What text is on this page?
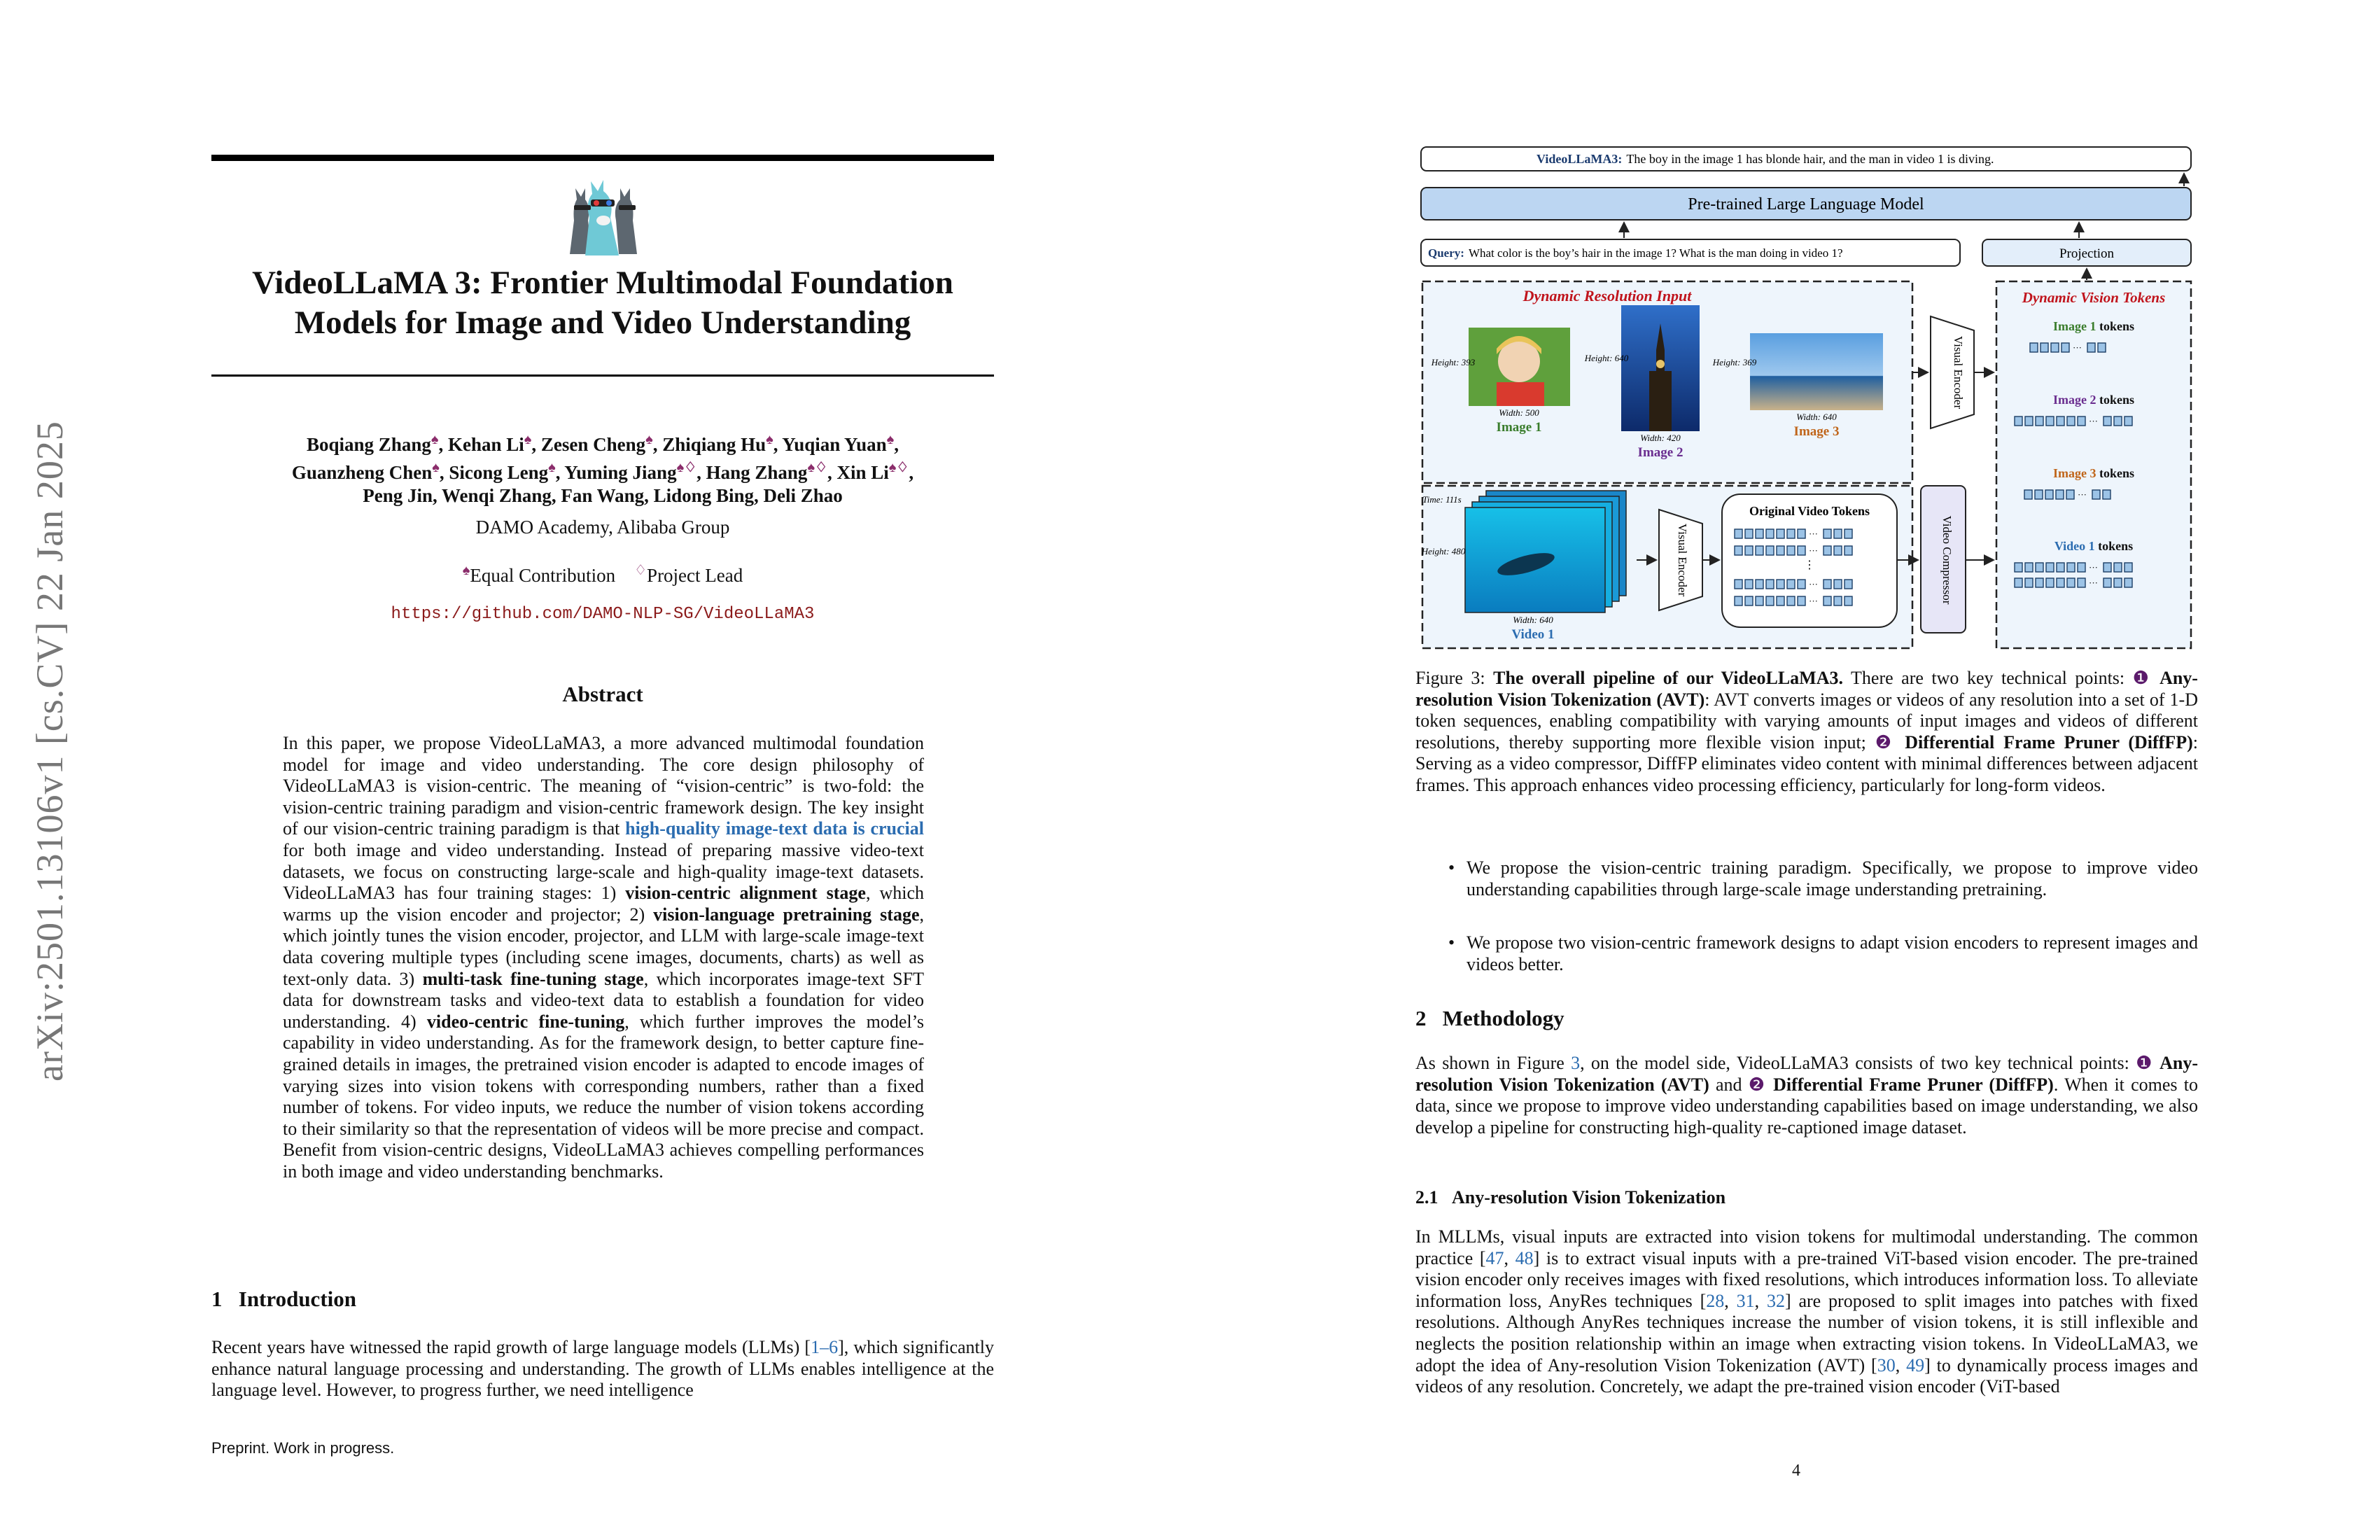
arXiv:2501.13106v1 [cs.CV] 22 Jan 2025
VideoLLaMA 3: Frontier Multimodal Foundation
Models for Image and Video Understanding
Boqiang Zhang♠, Kehan Li♠, Zesen Cheng♠, Zhiqiang Hu♠, Yuqian Yuan♠,
Guanzheng Chen♠, Sicong Leng♠, Yuming Jiang♠♢, Hang Zhang♠♢, Xin Li♠♢,
Peng Jin, Wenqi Zhang, Fan Wang, Lidong Bing, Deli Zhao
DAMO Academy, Alibaba Group
♠Equal Contribution ♢Project Lead
https://github.com/DAMO-NLP-SG/VideoLLaMA3
Abstract
In this paper, we propose VideoLLaMA3, a more advanced multimodal foundation model for image and video understanding. The core design philosophy of VideoLLaMA3 is vision-centric. The meaning of “vision-centric” is two-fold: the vision-centric training paradigm and vision-centric framework design. The key insight of our vision-centric training paradigm is that high-quality image-text data is crucial for both image and video understanding. Instead of preparing massive video-text datasets, we focus on constructing large-scale and high-quality image-text datasets. VideoLLaMA3 has four training stages: 1) vision-centric alignment stage, which warms up the vision encoder and projector; 2) vision-language pretraining stage, which jointly tunes the vision encoder, projector, and LLM with large-scale image-text data covering multiple types (including scene images, documents, charts) as well as text-only data. 3) multi-task fine-tuning stage, which incorporates image-text SFT data for downstream tasks and video-text data to establish a foundation for video understanding. 4) video-centric fine-tuning, which further improves the model’s capability in video understanding. As for the framework design, to better capture fine-grained details in images, the pretrained vision encoder is adapted to encode images of varying sizes into vision tokens with corresponding numbers, rather than a fixed number of tokens. For video inputs, we reduce the number of vision tokens according to their similarity so that the representation of videos will be more precise and compact. Benefit from vision-centric designs, VideoLLaMA3 achieves compelling performances in both image and video understanding benchmarks.
1 Introduction
Recent years have witnessed the rapid growth of large language models (LLMs) [1–6], which significantly enhance natural language processing and understanding. The growth of LLMs enables intelligence at the language level. However, to progress further, we need intelligence
Preprint. Work in progress.
VideoLLaMA3: The boy in the image 1 has blonde hair, and the man in video 1 is diving.
Pre-trained Large Language Model
Query: What color is the boy’s hair in the image 1? What is the man doing in video 1?	Projection
Dynamic Resolution Input
Height: 393
Width: 500
Image 1
Height: 640
Width: 420
Image 2
Height: 369
Width: 640
Image 3
Visual Encoder
Time: 111s
Height: 480
Width: 640
Video 1
Visual Encoder
Original Video Tokens
···
···
⋮
···
···	Video Compressor
Dynamic Vision Tokens
Image 1 tokens
···
Image 2 tokens
···
Image 3 tokens
···
Video 1 tokens
···
···
Figure 3: The overall pipeline of our VideoLLaMA3. There are two key technical points: ❶ Any-resolution Vision Tokenization (AVT): AVT converts images or videos of any resolution into a set of 1-D token sequences, enabling compatibility with varying amounts of input images and videos of different resolutions, thereby supporting more flexible vision input; ❷ Differential Frame Pruner (DiffFP): Serving as a video compressor, DiffFP eliminates video content with minimal differences between adjacent frames. This approach enhances video processing efficiency, particularly for long-form videos.
• We propose the vision-centric training paradigm. Specifically, we propose to improve video understanding capabilities through large-scale image understanding pretraining.
• We propose two vision-centric framework designs to adapt vision encoders to represent images and videos better.
2 Methodology
As shown in Figure 3, on the model side, VideoLLaMA3 consists of two key technical points: ❶ Any-resolution Vision Tokenization (AVT) and ❷ Differential Frame Pruner (DiffFP). When it comes to data, since we propose to improve video understanding capabilities based on image understanding, we also develop a pipeline for constructing high-quality re-captioned image dataset.
2.1 Any-resolution Vision Tokenization
In MLLMs, visual inputs are extracted into vision tokens for multimodal understanding. The common practice [47, 48] is to extract visual inputs with a pre-trained ViT-based vision encoder. The pre-trained vision encoder only receives images with fixed resolutions, which introduces information loss. To alleviate information loss, AnyRes techniques [28, 31, 32] are proposed to split images into patches with fixed resolutions. Although AnyRes techniques increase the number of vision tokens, it is still inflexible and neglects the position relationship within an image when extracting vision tokens. In VideoLLaMA3, we adopt the idea of Any-resolution Vision Tokenization (AVT) [30, 49] to dynamically process images and videos of any resolution. Concretely, we adapt the pre-trained vision encoder (ViT-based
4
